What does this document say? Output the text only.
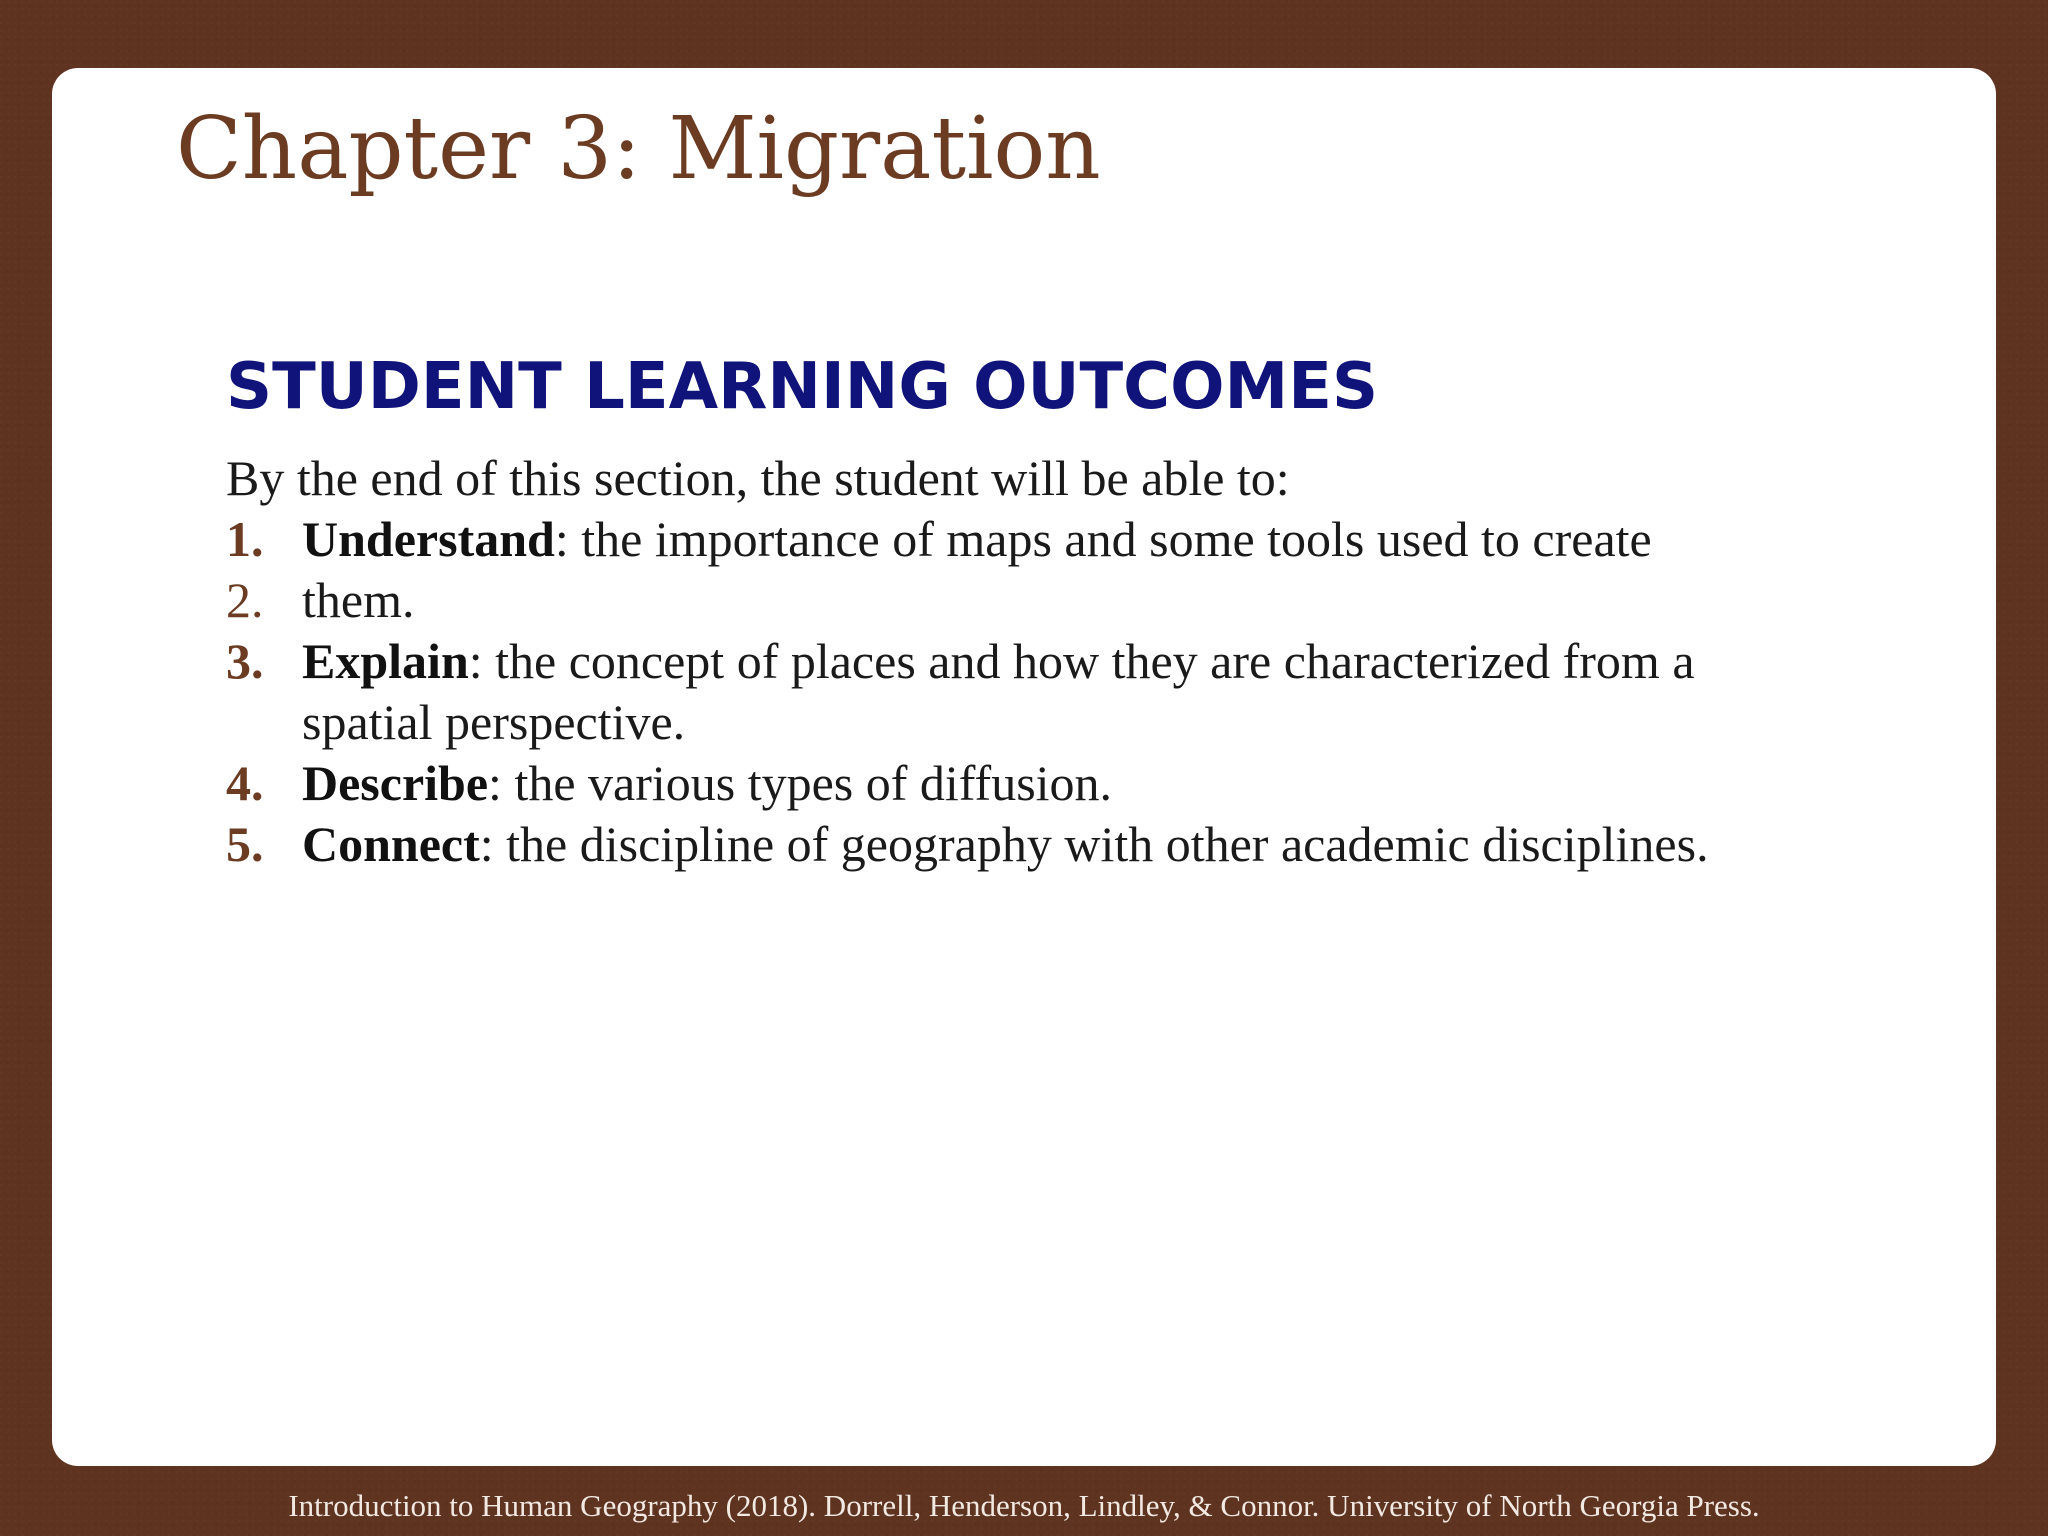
Chapter 3: Migration
STUDENT LEARNING OUTCOMES

By the end of this section, the student will be able to:

1. Understand: the importance of maps and some tools used to create
2. them.
3. Explain: the concept of places and how they are characterized from a spatial perspective.
4. Describe: the various types of diffusion.
5. Connect: the discipline of geography with other academic disciplines.
Introduction to Human Geography (2018). Dorrell, Henderson, Lindley, & Connor. University of North Georgia Press.
